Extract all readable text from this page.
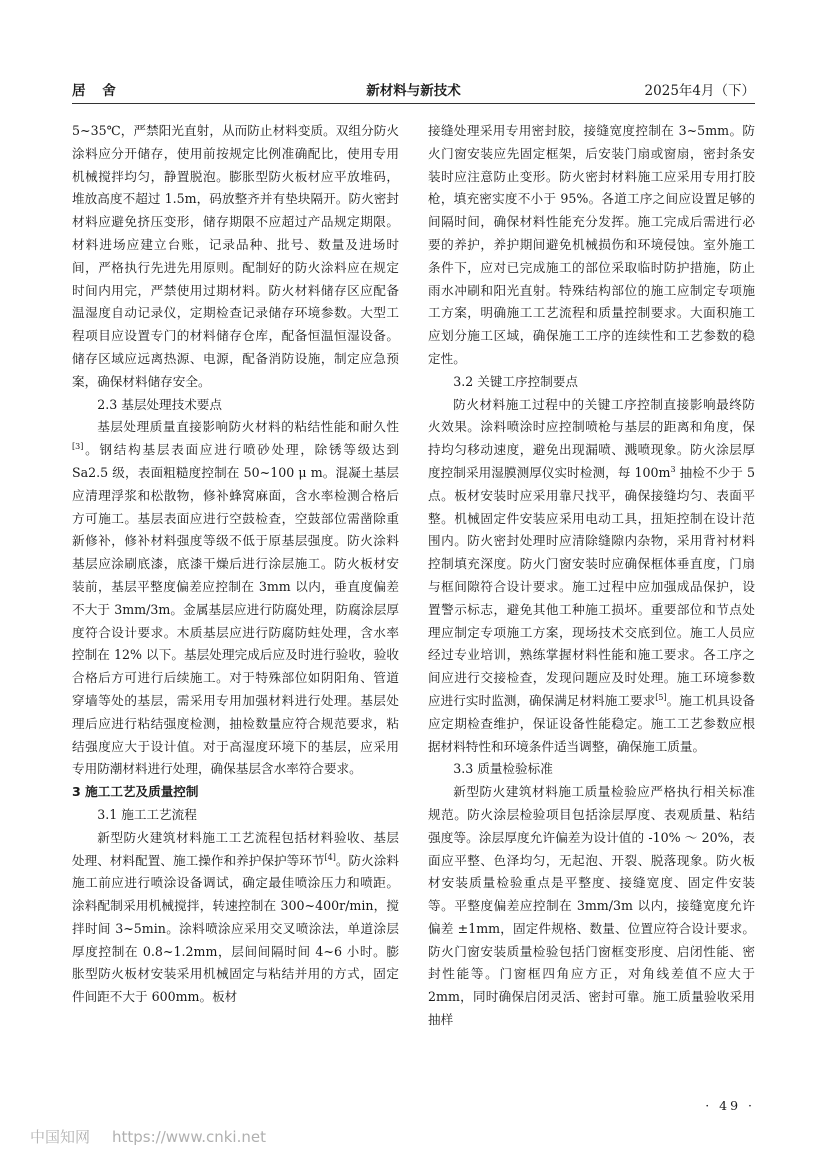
居 舍	新材料与新技术	2025年4月（下）

5~35℃，严禁阳光直射，从而防止材料变质。双组分防火涂料应分开储存，使用前按规定比例准确配比，使用专用机械搅拌均匀，静置脱泡。膨胀型防火板材应平放堆码，堆放高度不超过 1.5m，码放整齐并有垫块隔开。防火密封材料应避免挤压变形，储存期限不应超过产品规定期限。材料进场应建立台账，记录品种、批号、数量及进场时间，严格执行先进先用原则。配制好的防火涂料应在规定时间内用完，严禁使用过期材料。防火材料储存区应配备温湿度自动记录仪，定期检查记录储存环境参数。大型工程项目应设置专门的材料储存仓库，配备恒温恒湿设备。储存区域应远离热源、电源，配备消防设施，制定应急预案，确保材料储存安全。

2.3 基层处理技术要点

基层处理质量直接影响防火材料的粘结性能和耐久性[3]。钢结构基层表面应进行喷砂处理，除锈等级达到 Sa2.5 级，表面粗糙度控制在 50~100 μ m。混凝土基层应清理浮浆和松散物，修补蜂窝麻面，含水率检测合格后方可施工。基层表面应进行空鼓检查，空鼓部位需凿除重新修补，修补材料强度等级不低于原基层强度。防火涂料基层应涂刷底漆，底漆干燥后进行涂层施工。防火板材安装前，基层平整度偏差应控制在 3mm 以内，垂直度偏差不大于 3mm/3m。金属基层应进行防腐处理，防腐涂层厚度符合设计要求。木质基层应进行防腐防蛀处理，含水率控制在 12% 以下。基层处理完成后应及时进行验收，验收合格后方可进行后续施工。对于特殊部位如阴阳角、管道穿墙等处的基层，需采用专用加强材料进行处理。基层处理后应进行粘结强度检测，抽检数量应符合规范要求，粘结强度应大于设计值。对于高湿度环境下的基层，应采用专用防潮材料进行处理，确保基层含水率符合要求。

3 施工工艺及质量控制
3.1 施工工艺流程

新型防火建筑材料施工工艺流程包括材料验收、基层处理、材料配置、施工操作和养护保护等环节[4]。防火涂料施工前应进行喷涂设备调试，确定最佳喷涂压力和喷距。涂料配制采用机械搅拌，转速控制在 300~400r/min，搅拌时间 3~5min。涂料喷涂应采用交叉喷涂法，单道涂层厚度控制在 0.8~1.2mm，层间间隔时间 4~6 小时。膨胀型防火板材安装采用机械固定与粘结并用的方式，固定件间距不大于 600mm。板材

接缝处理采用专用密封胶，接缝宽度控制在 3~5mm。防火门窗安装应先固定框架，后安装门扇或窗扇，密封条安装时应注意防止变形。防火密封材料施工应采用专用打胶枪，填充密实度不小于 95%。各道工序之间应设置足够的间隔时间，确保材料性能充分发挥。施工完成后需进行必要的养护，养护期间避免机械损伤和环境侵蚀。室外施工条件下，应对已完成施工的部位采取临时防护措施，防止雨水冲刷和阳光直射。特殊结构部位的施工应制定专项施工方案，明确施工工艺流程和质量控制要求。大面积施工应划分施工区域，确保施工工序的连续性和工艺参数的稳定性。

3.2 关键工序控制要点

防火材料施工过程中的关键工序控制直接影响最终防火效果。涂料喷涂时应控制喷枪与基层的距离和角度，保持均匀移动速度，避免出现漏喷、溅喷现象。防火涂层厚度控制采用湿膜测厚仪实时检测，每 $100m^3$ 抽检不少于 5 点。板材安装时应采用靠尺找平，确保接缝均匀、表面平整。机械固定件安装应采用电动工具，扭矩控制在设计范围内。防火密封处理时应清除缝隙内杂物，采用背衬材料控制填充深度。防火门窗安装时应确保框体垂直度，门扇与框间隙符合设计要求。施工过程中应加强成品保护，设置警示标志，避免其他工种施工损坏。重要部位和节点处理应制定专项施工方案，现场技术交底到位。施工人员应经过专业培训，熟练掌握材料性能和施工要求。各工序之间应进行交接检查，发现问题应及时处理。施工环境参数应进行实时监测，确保满足材料施工要求[5]。施工机具设备应定期检查维护，保证设备性能稳定。施工工艺参数应根据材料特性和环境条件适当调整，确保施工质量。

3.3 质量检验标准

新型防火建筑材料施工质量检验应严格执行相关标准规范。防火涂层检验项目包括涂层厚度、表观质量、粘结强度等。涂层厚度允许偏差为设计值的 -10% ～ 20%，表面应平整、色泽均匀，无起泡、开裂、脱落现象。防火板材安装质量检验重点是平整度、接缝宽度、固定件安装等。平整度偏差应控制在 3mm/3m 以内，接缝宽度允许偏差 ±1mm，固定件规格、数量、位置应符合设计要求。防火门窗安装质量检验包括门窗框变形度、启闭性能、密封性能等。门窗框四角应方正，对角线差值不应大于 2mm，同时确保启闭灵活、密封可靠。施工质量验收采用抽样

· 49 ·
中国知网 https://www.cnki.net
